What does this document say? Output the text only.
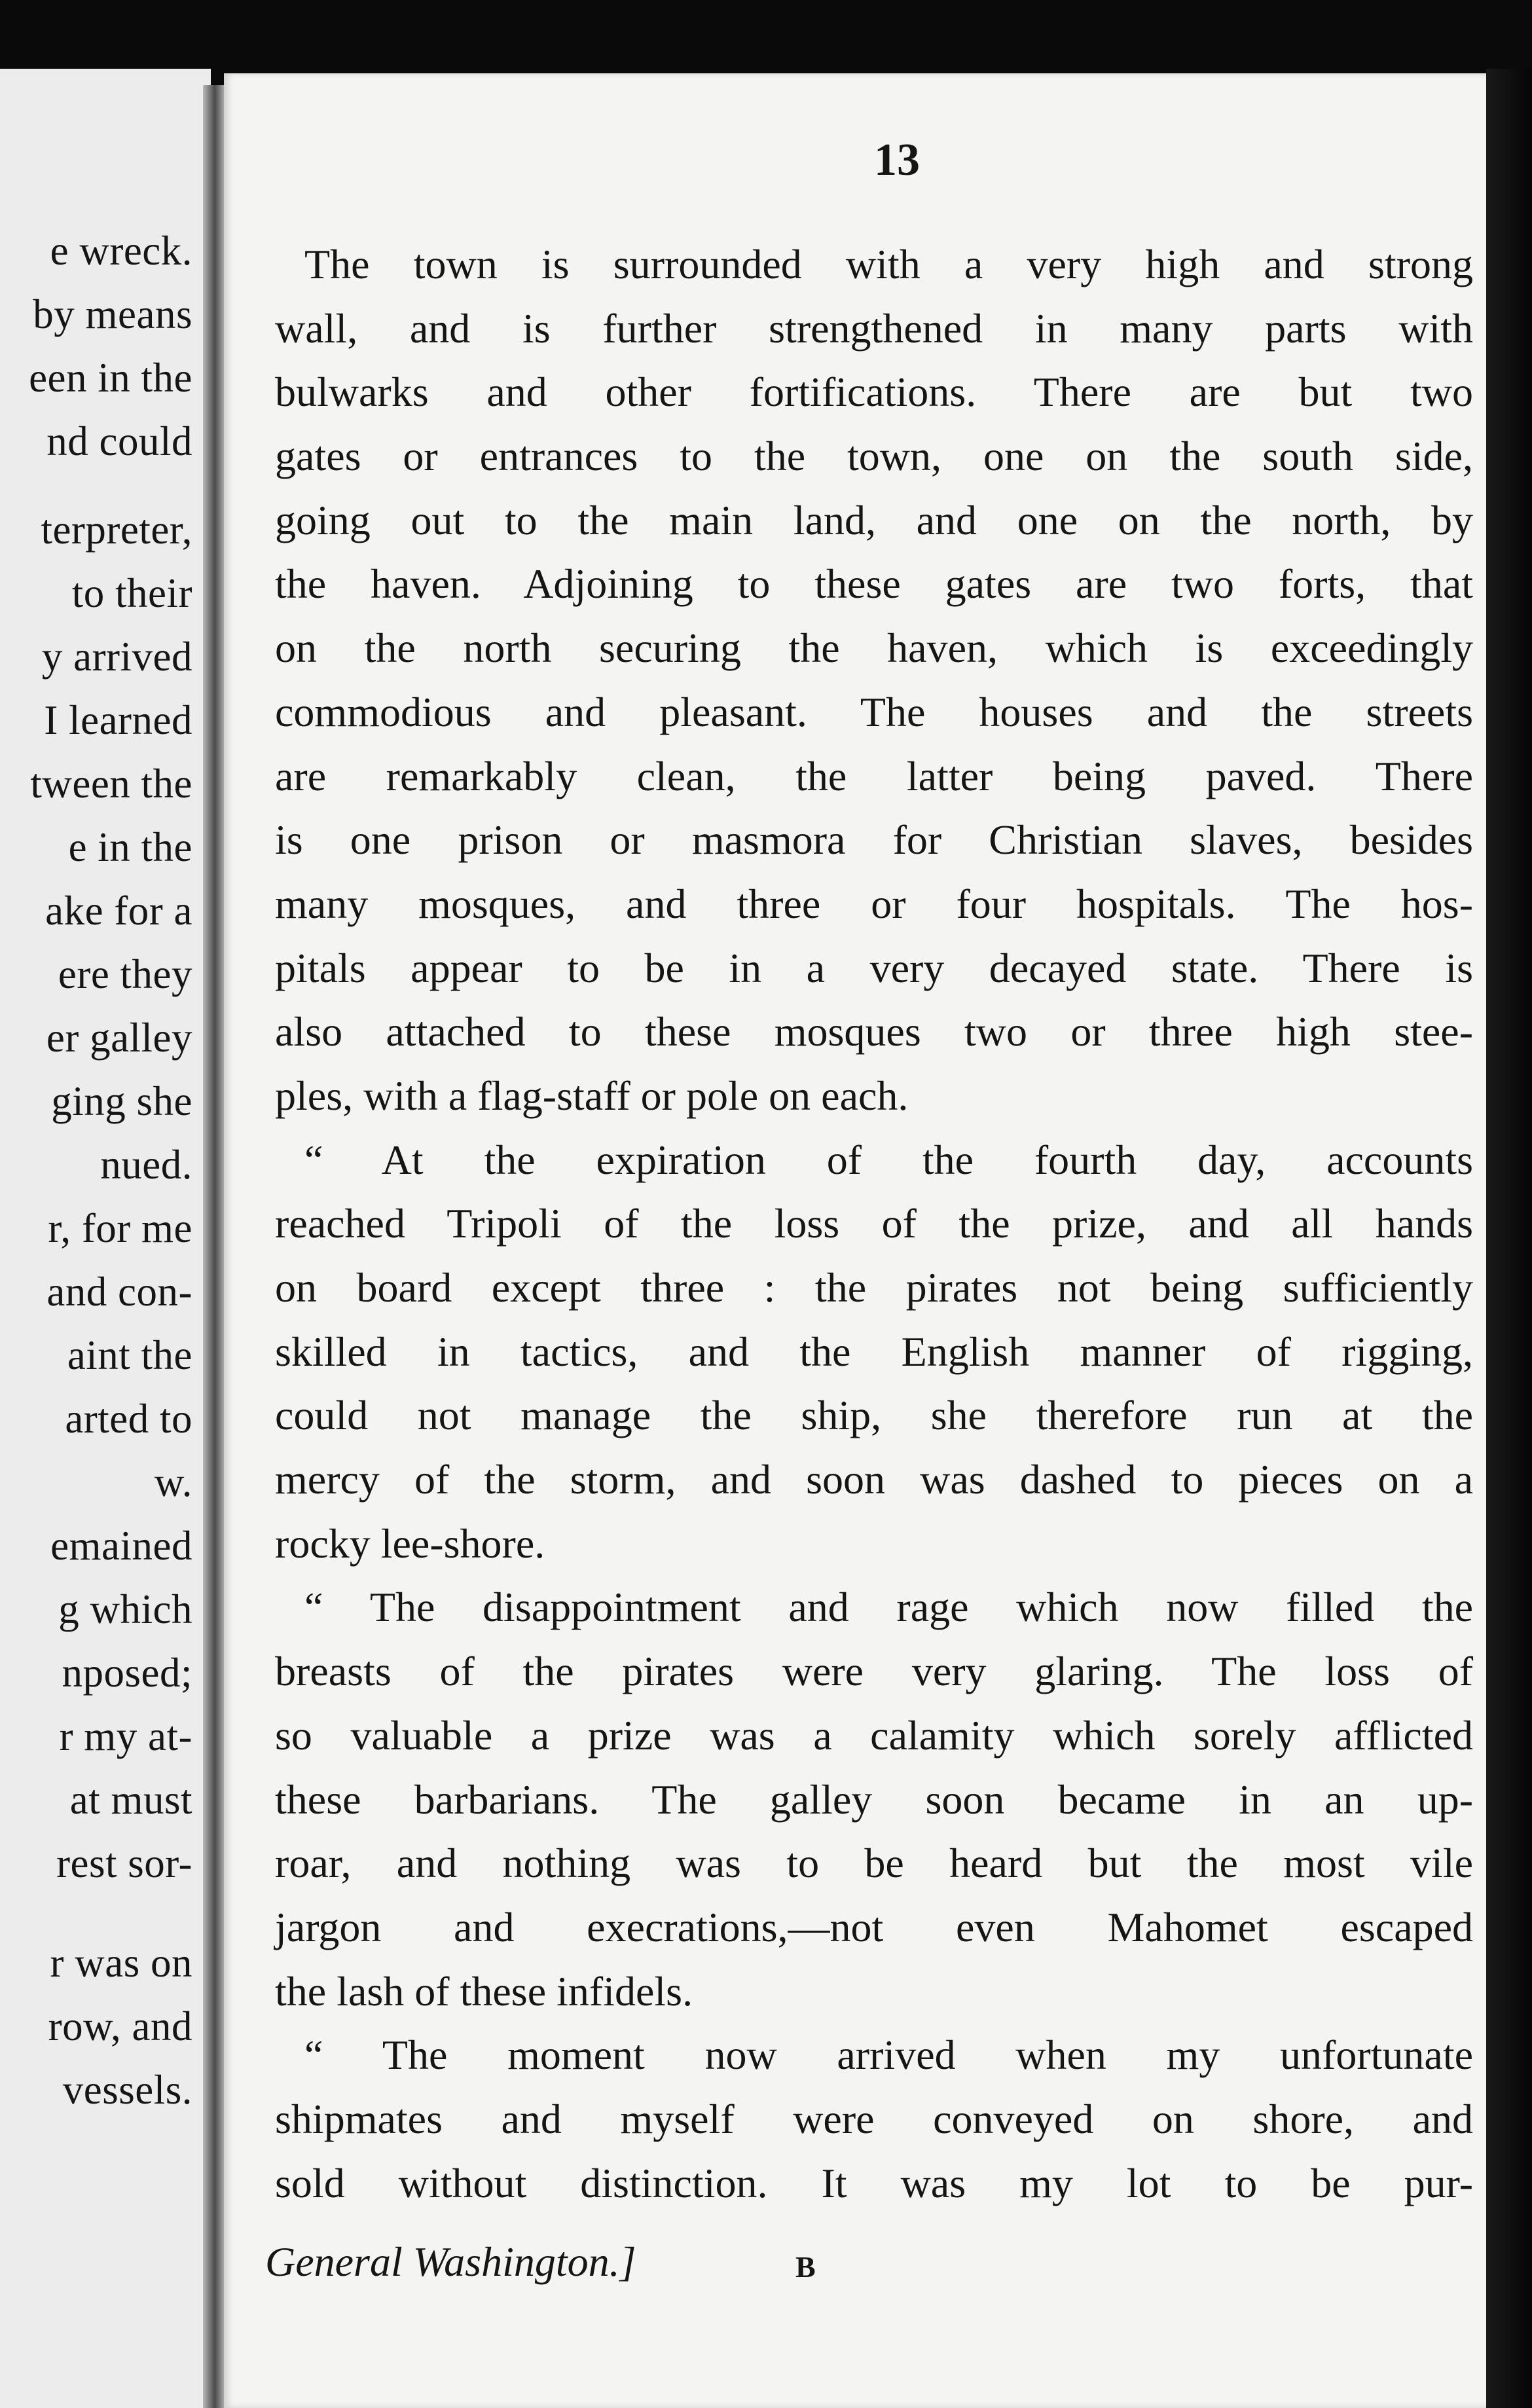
e wreck.
by means
een in the
nd could
terpreter,
to their
y arrived
I learned
tween the
e in the
ake for a
ere they
er galley
ging she
nued.
r, for me
and con-
aint the
arted to
w.
emained
g which
nposed;
r my at-
at must
rest sor-
r was on
row, and
vessels.
13
The town is surrounded with a very high and strong
wall, and is further strengthened in many parts with
bulwarks and other fortifications. There are but two
gates or entrances to the town, one on the south side,
going out to the main land, and one on the north, by
the haven. Adjoining to these gates are two forts, that
on the north securing the haven, which is exceedingly
commodious and pleasant. The houses and the streets
are remarkably clean, the latter being paved. There
is one prison or masmora for Christian slaves, besides
many mosques, and three or four hospitals. The hos-
pitals appear to be in a very decayed state. There is
also attached to these mosques two or three high stee-
ples, with a flag-staff or pole on each.
“ At the expiration of the fourth day, accounts
reached Tripoli of the loss of the prize, and all hands
on board except three : the pirates not being sufficiently
skilled in tactics, and the English manner of rigging,
could not manage the ship, she therefore run at the
mercy of the storm, and soon was dashed to pieces on a
rocky lee-shore.
“ The disappointment and rage which now filled the
breasts of the pirates were very glaring. The loss of
so valuable a prize was a calamity which sorely afflicted
these barbarians. The galley soon became in an up-
roar, and nothing was to be heard but the most vile
jargon and execrations,—not even Mahomet escaped
the lash of these infidels.
“ The moment now arrived when my unfortunate
shipmates and myself were conveyed on shore, and
sold without distinction. It was my lot to be pur-
General Washington.]	B
